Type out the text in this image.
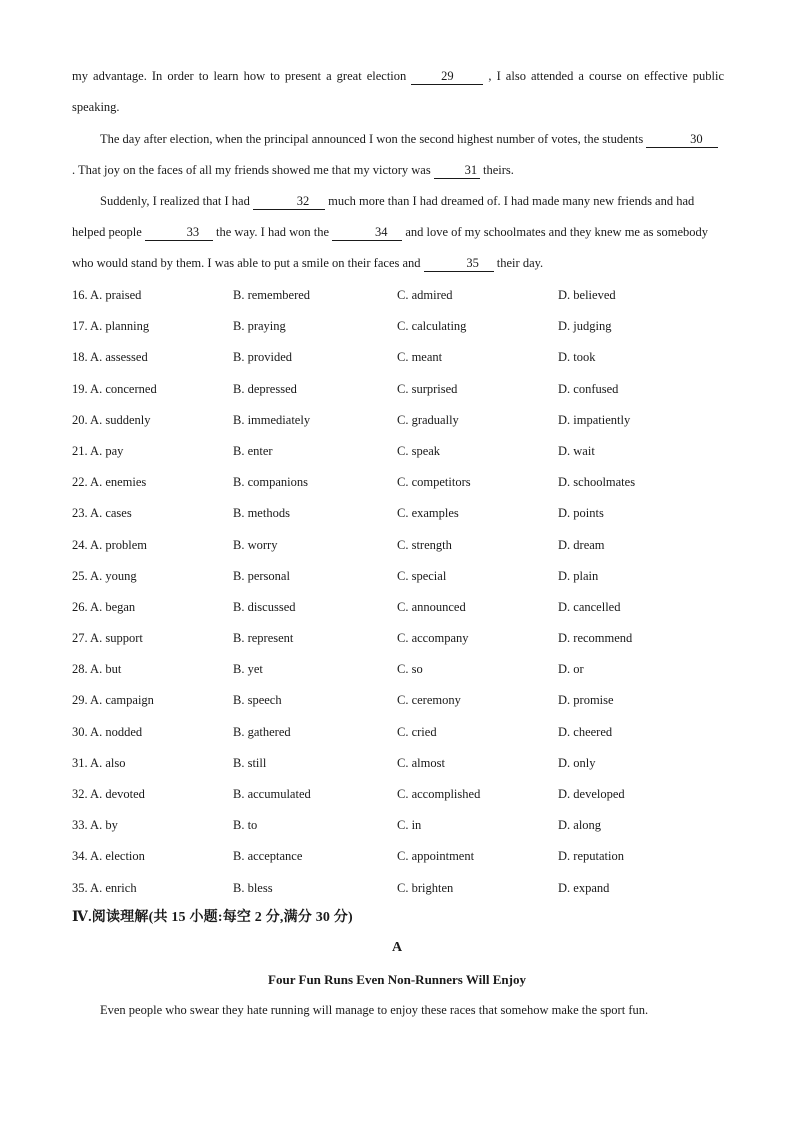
my advantage. In order to learn how to present a great election	29 , I also attended a course on effective public speaking.
The day after election, when the principal announced I won the second highest number of votes, the students	30 . That joy on the faces of all my friends showed me that my victory was 31 theirs.
Suddenly, I realized that I had	32 much more than I had dreamed of. I had made many new friends and had helped people	33 the way. I had won the	34 and love of my schoolmates and they knew me as somebody who would stand by them. I was able to put a smile on their faces and	35 their day.
16. A. praised	B. remembered	C. admired	D. believed
17. A. planning	B. praying	C. calculating	D. judging
18. A. assessed	B. provided	C. meant	D. took
19. A. concerned	B. depressed	C. surprised	D. confused
20. A. suddenly	B. immediately	C. gradually	D. impatiently
21. A. pay	B. enter	C. speak	D. wait
22. A. enemies	B. companions	C. competitors	D. schoolmates
23. A. cases	B. methods	C. examples	D. points
24. A. problem	B. worry	C. strength	D. dream
25. A. young	B. personal	C. special	D. plain
26. A. began	B. discussed	C. announced	D. cancelled
27. A. support	B. represent	C. accompany	D. recommend
28. A. but	B. yet	C. so	D. or
29. A. campaign	B. speech	C. ceremony	D. promise
30. A. nodded	B. gathered	C. cried	D. cheered
31. A. also	B. still	C. almost	D. only
32. A. devoted	B. accumulated	C. accomplished	D. developed
33. A. by	B. to	C. in	D. along
34. A. election	B. acceptance	C. appointment	D. reputation
35. A. enrich	B. bless	C. brighten	D. expand
Ⅳ.阅读理解(共 15 小题:每空 2 分,满分 30 分)
A
Four Fun Runs Even Non-Runners Will Enjoy
Even people who swear they hate running will manage to enjoy these races that somehow make the sport fun.
